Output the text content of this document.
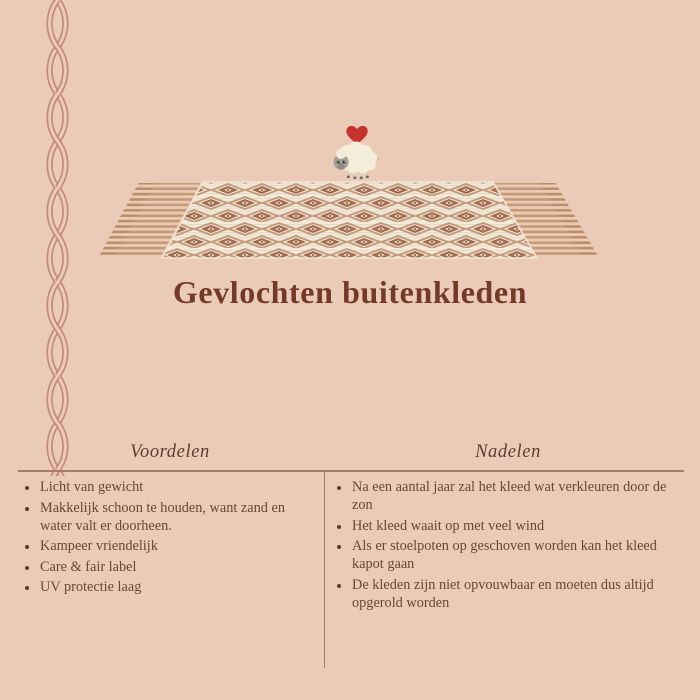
Gevlochten buitenkleden
Voordelen
• Licht van gewicht
• Makkelijk schoon te houden, want zand en water valt er doorheen.
• Kampeer vriendelijk
• Care & fair label
• UV protectie laag
Nadelen
• Na een aantal jaar zal het kleed wat verkleuren door de zon
• Het kleed waait op met veel wind
• Als er stoelpoten op geschoven worden kan het kleed kapot gaan
• De kleden zijn niet opvouwbaar en moeten dus altijd opgerold worden
